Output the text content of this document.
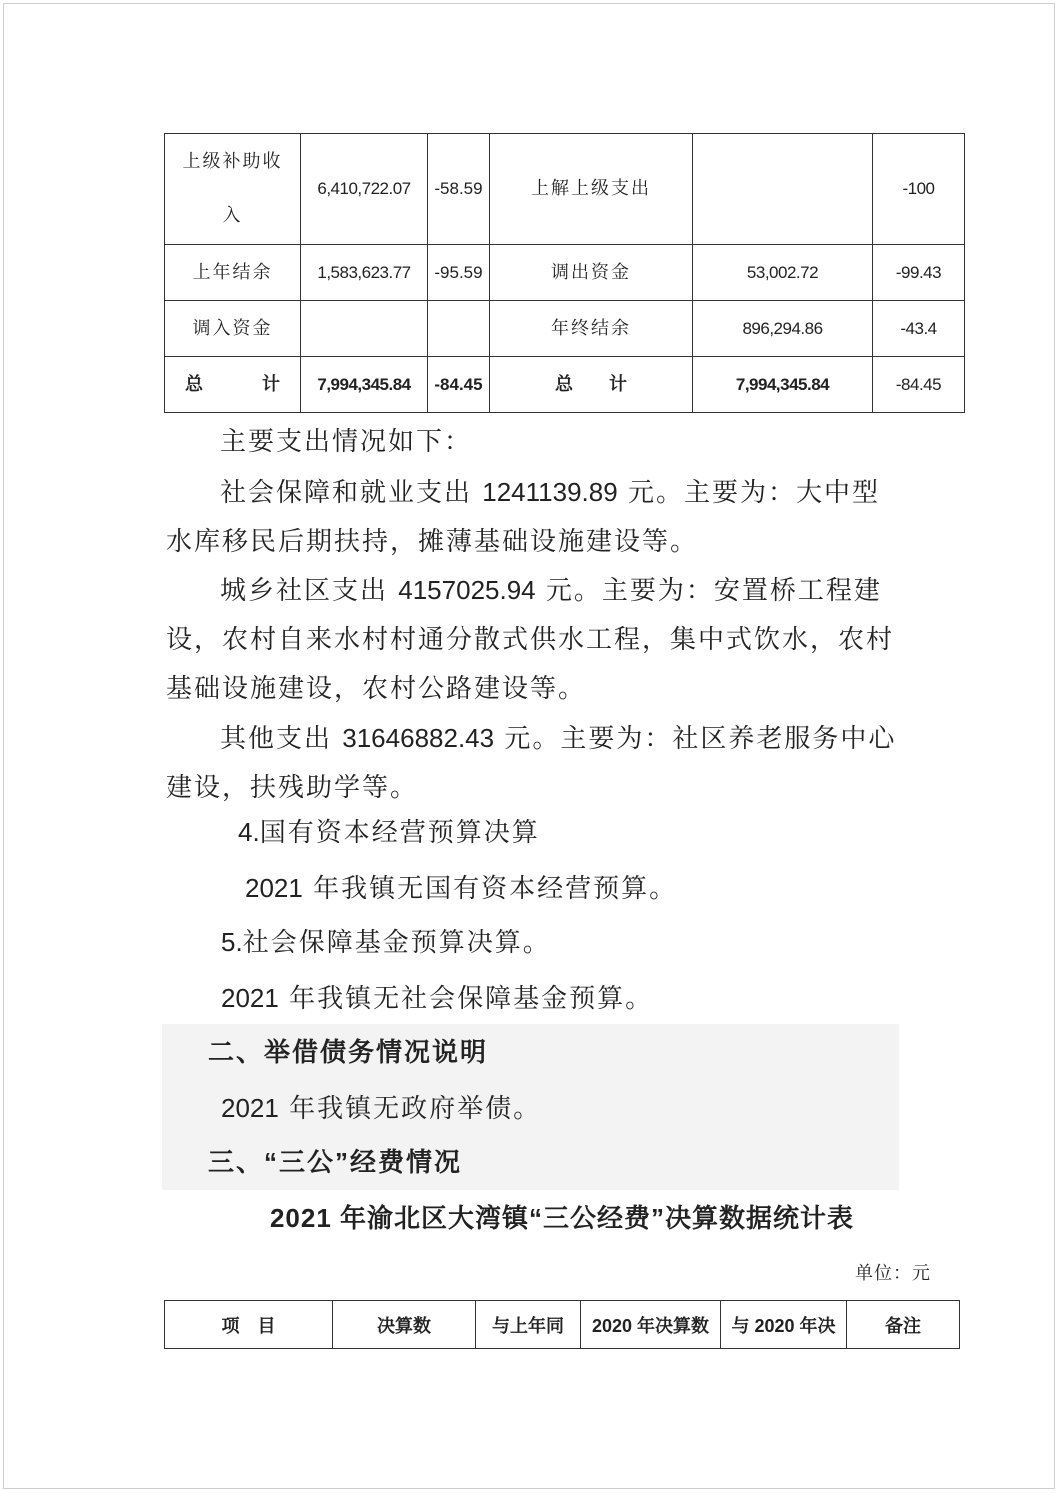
上级补助收入	6,410,722.07	-58.59	上解上级支出		-100
上年结余	1,583,623.77	-95.59	调出资金	53,002.72	-99.43
调入资金			年终结余	896,294.86	-43.4

总 计	7,994,345.84	-84.45	总　　计	7,994,345.84	-84.45

主要支出情况如下：

社会保障和就业支出 1241139.89 元。主要为：大中型水库移民后期扶持，摊薄基础设施建设等。

城乡社区支出 4157025.94 元。主要为：安置桥工程建设，农村自来水村村通分散式供水工程，集中式饮水，农村基础设施建设，农村公路建设等。

其他支出 31646882.43 元。主要为：社区养老服务中心建设，扶残助学等。

4.国有资本经营预算决算

2021 年我镇无国有资本经营预算。

5.社会保障基金预算决算。

2021 年我镇无社会保障基金预算。

二、举借债务情况说明

2021 年我镇无政府举债。

三、“三公”经费情况

2021 年渝北区大湾镇“三公经费”决算数据统计表
单位：元
项　目	决算数	与上年同	2020 年决算数	与 2020 年决	备注
